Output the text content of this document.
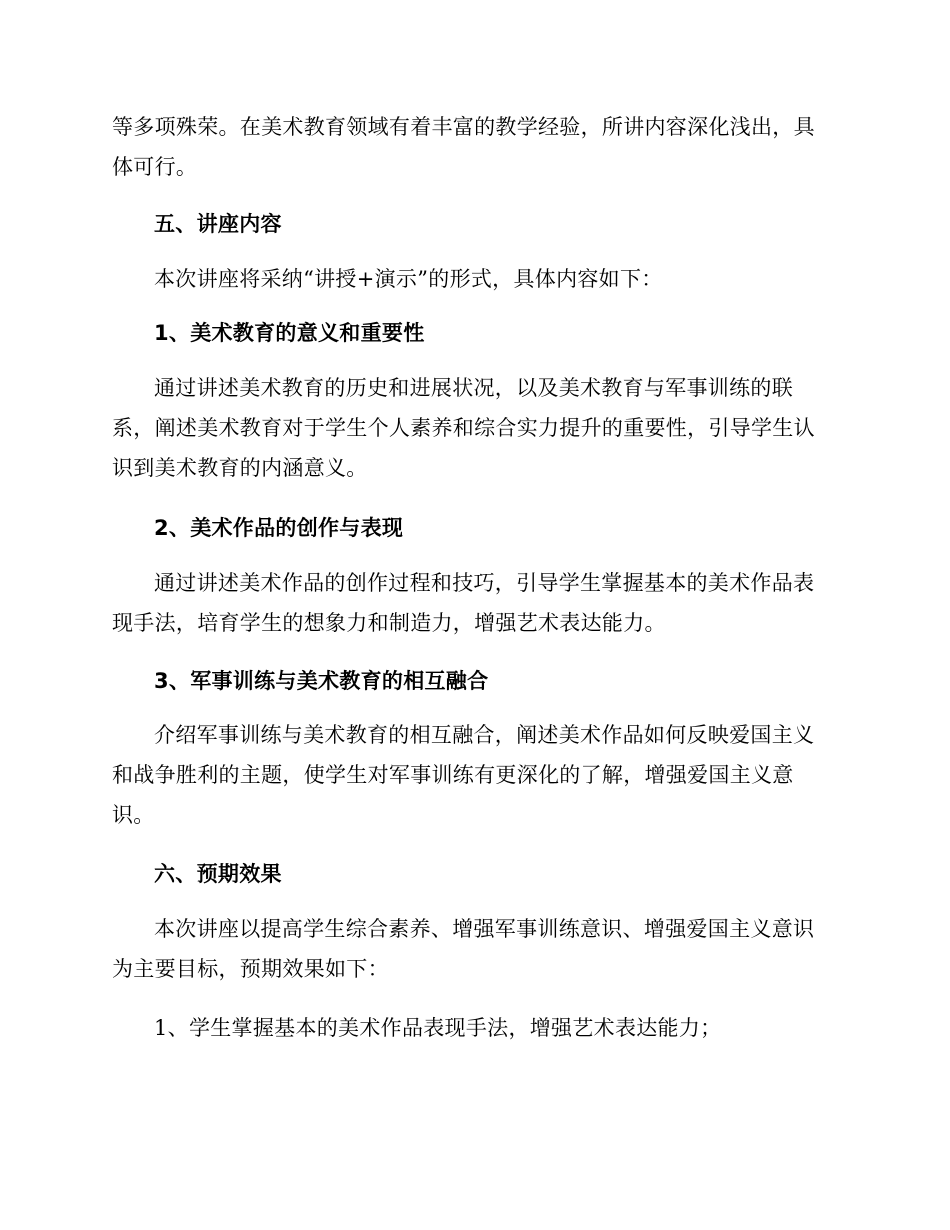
等多项殊荣。在美术教育领域有着丰富的教学经验，所讲内容深化浅出，具体可行。

五、讲座内容

本次讲座将采纳“讲授+演示”的形式，具体内容如下：

1、美术教育的意义和重要性

通过讲述美术教育的历史和进展状况，以及美术教育与军事训练的联系，阐述美术教育对于学生个人素养和综合实力提升的重要性，引导学生认识到美术教育的内涵意义。

2、美术作品的创作与表现

通过讲述美术作品的创作过程和技巧，引导学生掌握基本的美术作品表现手法，培育学生的想象力和制造力，增强艺术表达能力。

3、军事训练与美术教育的相互融合

介绍军事训练与美术教育的相互融合，阐述美术作品如何反映爱国主义和战争胜利的主题，使学生对军事训练有更深化的了解，增强爱国主义意识。

六、预期效果

本次讲座以提高学生综合素养、增强军事训练意识、增强爱国主义意识为主要目标，预期效果如下：

1、学生掌握基本的美术作品表现手法，增强艺术表达能力；
